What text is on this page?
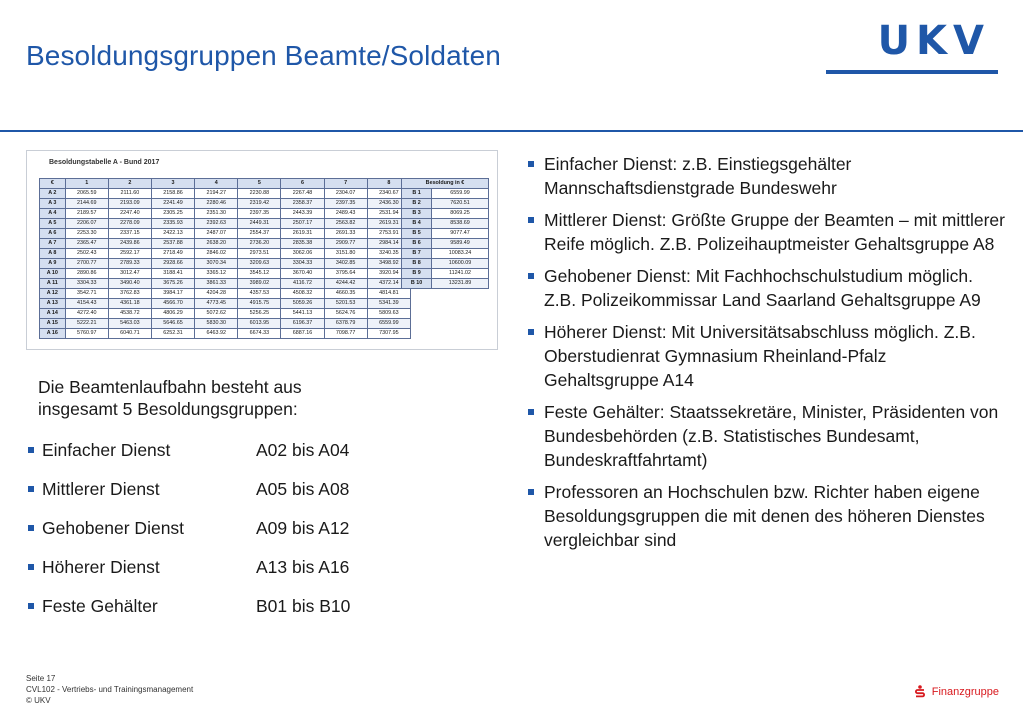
Besoldungsgruppen Beamte/Soldaten	UKV
Besoldungstabelle A - Bund 2017
€	1	2	3	4	5	6	7	8
A 2	2065.59	2111.60	2158.86	2194.27	2230.88	2267.48	2304.07	2340.67
A 3	2144.69	2193.09	2241.49	2280.46	2319.42	2358.37	2397.35	2436.30
A 4	2189.57	2247.40	2305.25	2351.30	2397.35	2443.39	2489.43	2531.94
A 5	2206.07	2278.09	2335.93	2392.63	2449.31	2507.17	2563.82	2619.31
A 6	2253.30	2337.15	2422.13	2487.07	2554.37	2619.31	2691.33	2753.91
A 7	2365.47	2439.86	2537.88	2638.20	2736.20	2835.38	2909.77	2984.14
A 8	2502.43	2592.17	2718.49	2846.02	2973.51	3062.06	3151.80	3240.35
A 9	2700.77	2789.33	2928.66	3070.34	3209.63	3304.33	3402.85	3498.92
A 10	2890.86	3012.47	3188.41	3365.12	3545.12	3670.40	3795.64	3920.94
A 11	3304.33	3490.40	3675.26	3861.33	3989.02	4116.72	4244.42	4372.14
A 12	3542.71	3762.83	3984.17	4204.28	4357.53	4508.32	4660.35	4814.81
A 13	4154.43	4361.18	4566.70	4773.45	4915.75	5059.26	5201.53	5341.39
A 14	4272.40	4538.72	4806.29	5072.62	5256.25	5441.13	5624.76	5809.63
A 15	5222.21	5463.03	5646.65	5830.30	6013.95	6196.37	6378.79	6559.99
A 16	5760.97	6040.71	6252.31	6463.92	6674.33	6887.16	7098.77	7307.95
Besoldung in €	
B 1	6559.99
B 2	7620.51
B 3	8069.25
B 4	8538.69
B 5	9077.47
B 6	9589.49
B 7	10083.24
B 8	10600.09
B 9	11241.02
B 10	13231.89
Die Beamtenlaufbahn besteht aus insgesamt 5 Besoldungsgruppen:
Einfacher Dienst	A02 bis A04
Mittlerer Dienst	A05 bis A08
Gehobener Dienst	A09 bis A12
Höherer Dienst	A13 bis A16
Feste Gehälter	B01 bis B10
Einfacher Dienst: z.B. Einstiegsgehälter Mannschaftsdienstgrade Bundeswehr
Mittlerer Dienst: Größte Gruppe der Beamten – mit mittlerer Reife möglich. Z.B. Polizeihauptmeister Gehaltsgruppe A8
Gehobener Dienst: Mit Fachhochschulstudium möglich. Z.B. Polizeikommissar Land Saarland Gehaltsgruppe A9
Höherer Dienst: Mit Universitätsabschluss möglich. Z.B. Oberstudienrat Gymnasium Rheinland-Pfalz Gehaltsgruppe A14
Feste Gehälter: Staatssekretäre, Minister, Präsidenten von Bundesbehörden (z.B. Statistisches Bundesamt, Bundeskraftfahrtamt)
Professoren an Hochschulen bzw. Richter haben eigene Besoldungsgruppen die mit denen des höheren Dienstes vergleichbar sind
Seite 17
CVL102 - Vertriebs- und Trainingsmanagement
© UKV
Finanzgruppe
